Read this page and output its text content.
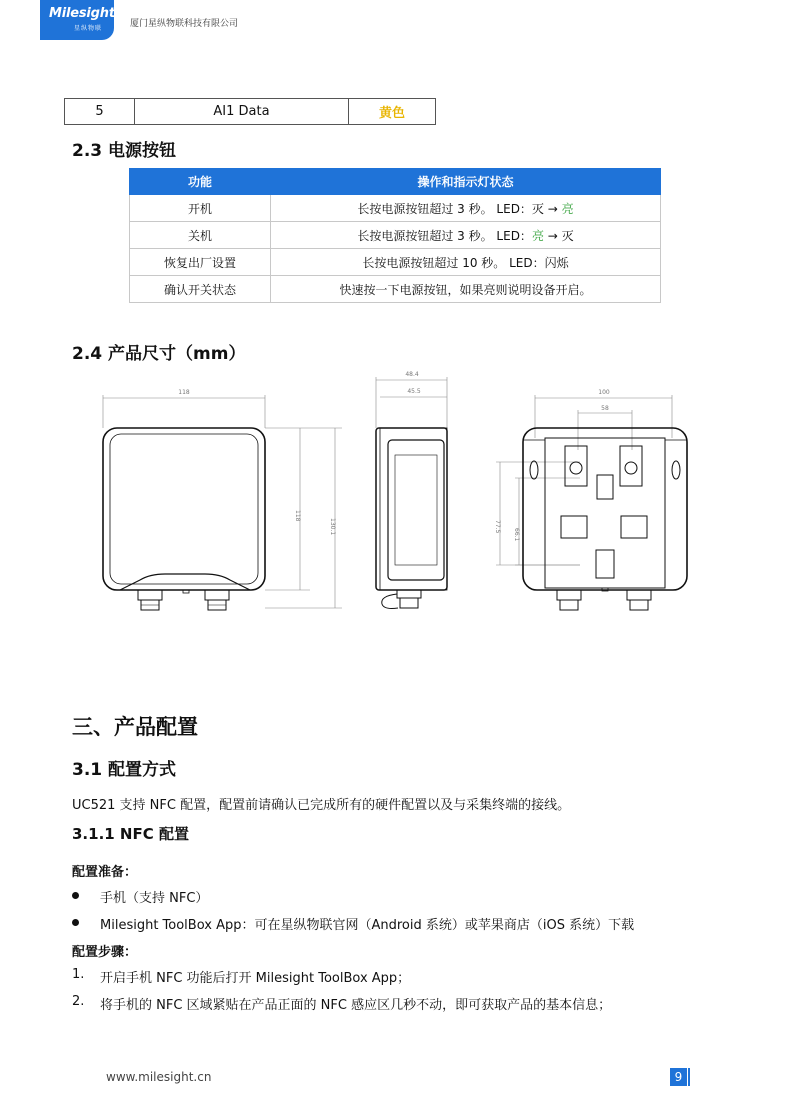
Milesight
星纵物联	厦门星纵物联科技有限公司
5	AI1 Data	黄色
2.3 电源按钮
功能	操作和指示灯状态
开机	长按电源按钮超过 3 秒。 LED：灭 → 亮
关机	长按电源按钮超过 3 秒。 LED：亮 → 灭
恢复出厂设置	长按电源按钮超过 10 秒。 LED：闪烁
确认开关状态	快速按一下电源按钮，如果亮则说明设备开启。
2.4 产品尺寸（mm）
118
118
130.1
48.4
45.5	100
58
77.5
66.1
三、产品配置
3.1 配置方式
UC521 支持 NFC 配置，配置前请确认已完成所有的硬件配置以及与采集终端的接线。
3.1.1 NFC 配置
配置准备：
手机（支持 NFC）
Milesight ToolBox App：可在星纵物联官网（Android 系统）或苹果商店（iOS 系统）下载
配置步骤：
1. 开启手机 NFC 功能后打开 Milesight ToolBox App；
2. 将手机的 NFC 区域紧贴在产品正面的 NFC 感应区几秒不动，即可获取产品的基本信息；
www.milesight.cn	9
